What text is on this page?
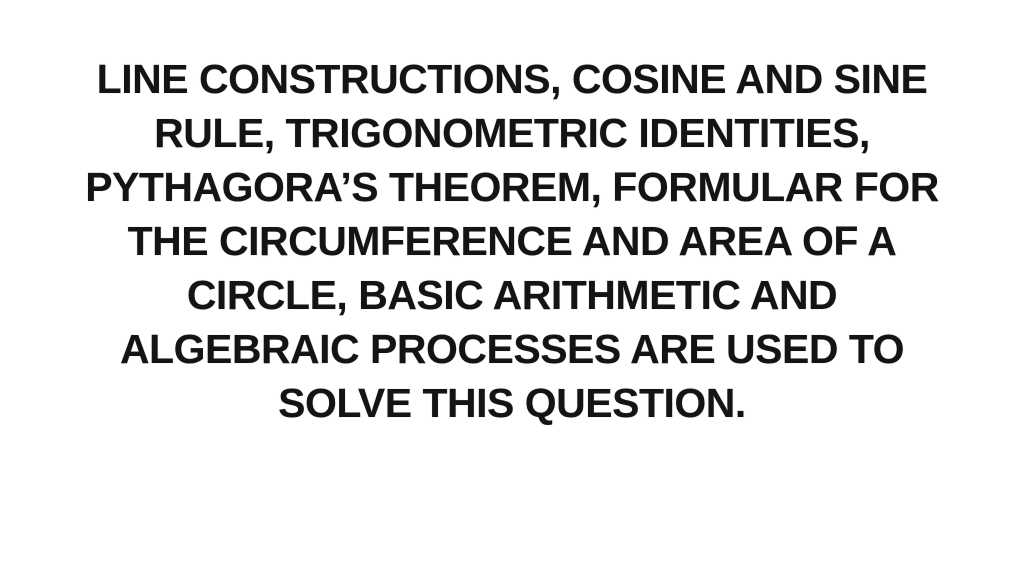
LINE CONSTRUCTIONS, COSINE AND SINE
RULE, TRIGONOMETRIC IDENTITIES,
PYTHAGORA’S THEOREM, FORMULAR FOR
THE CIRCUMFERENCE AND AREA OF A
CIRCLE, BASIC ARITHMETIC AND
ALGEBRAIC PROCESSES ARE USED TO
SOLVE THIS QUESTION.
